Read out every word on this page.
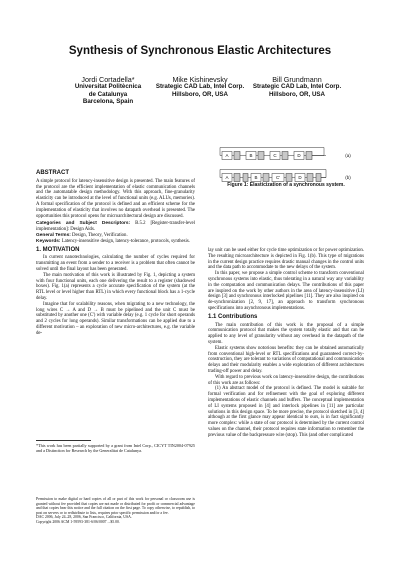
Synthesis of Synchronous Elastic Architectures
Jordi Cortadella*
Universitat Politècnica
de Catalunya
Barcelona, Spain
Mike Kishinevsky
Strategic CAD Lab, Intel Corp.
Hillsboro, OR, USA
Bill Grundmann
Strategic CAD Lab, Intel Corp.
Hillsboro, OR, USA
A	B	C	D
A	B	C'	D
(a)
(b)
Figure 1: Elasticization of a synchronous system.
ABSTRACT

A simple protocol for latency-insensitive design is presented. The main features of the protocol are the efficient implementation of elastic communication channels and the automatable design methodology. With this approach, fine-granularity elasticity can be introduced at the level of functional units (e.g. ALUs, memories). A formal specification of the protocol is defined and an efficient scheme for the implementation of elasticity that involves no datapath overhead is presented. The opportunities this protocol opens for microarchitectural design are discussed.

Categories and Subject Descriptors: B.5.2 [Register-transfer-level implementation]: Design Aids.

General Terms: Design, Theory, Verification.

Keywords: Latency-insensitive design, latency-tolerance, protocols, synthesis.

1. MOTIVATION

In current nanotechnologies, calculating the number of cycles required for transmitting an event from a sender to a receiver is a problem that often cannot be solved until the final layout has been generated.

The main motivation of this work is illustrated by Fig. 1, depicting a system with four functional units, each one delivering the result to a register (shadowed boxes). Fig. 1(a) represents a cycle accurate specification of the system (at the RTL level or level higher than RTL) in which every functional block has a 1-cycle delay.

Imagine that for scalability reasons, when migrating to a new technology, the long wires C → A and D → B must be pipelined and the unit C must be substituted by another one (C') with variable delay (e.g. 1 cycle for short operands and 2 cycles for long operands). Similar transformations can be applied due to a different motivation – an exploration of new micro-architectures, e.g. the variable de-

*This work has been partially supported by a grant from Intel Corp., CICYT TIN2004-07925 and a Distinction for Research by the Generalitat de Catalunya.

Permission to make digital or hard copies of all or part of this work for personal or classroom use is granted without fee provided that copies are not made or distributed for profit or commercial advantage and that copies bear this notice and the full citation on the first page. To copy otherwise, to republish, to post on servers or to redistribute to lists, requires prior specific permission and/or a fee.

DAC 2006, July 24–28, 2006, San Francisco, California, USA.

Copyright 2006 ACM 1-59593-381-6/06/0007 ...$5.00.

lay unit can be used either for cycle time optimization or for power optimization. The resulting microarchitecture is depicted in Fig. 1(b). This type of migrations in the current design practice requires drastic manual changes in the control units and the data path to accommodate to the new delays of the system.

In this paper, we propose a simple control scheme to transform conventional synchronous systems into elastic, thus tolerating in a natural way any variability in the computation and communication delays. The contributions of this paper are inspired on the work by other authors in the area of latency-insensitive (LI) design [3] and synchronous interlocked pipelines [11]. They are also inspired on de-synchronization [2, 9, 17], an approach to transform synchronous specifications into asynchronous implementations.

1.1 Contributions

The main contribution of this work is the proposal of a simple communication protocol that makes the system totally elastic and that can be applied to any level of granularity without any overhead in the datapath of the system.

Elastic systems show notorious benefits: they can be obtained automatically from conventional high-level or RTL specifications and guaranteed correct-by-construction, they are tolerant to variations of computational and communication delays and their modularity enables a wide exploration of different architectures trading-off power and delay.

With regard to previous work on latency-insensitive design, the contributions of this work are as follows:

(1) An abstract model of the protocol is defined. The model is suitable for formal verification and for refinement with the goal of exploring different implementations of elastic channels and buffers. The conceptual implementation of LI systems proposed in [4] and interlock pipelines in [11] are particular solutions in this design space. To be more precise, the protocol sketched in [3, 4] although at the first glance may appear identical to ours, is in fact significantly more complex: while a state of our protocol is determined by the current control values on the channel, their protocol requires state information to remember the previous value of the backpressure wire (stop). This (and other complicated
